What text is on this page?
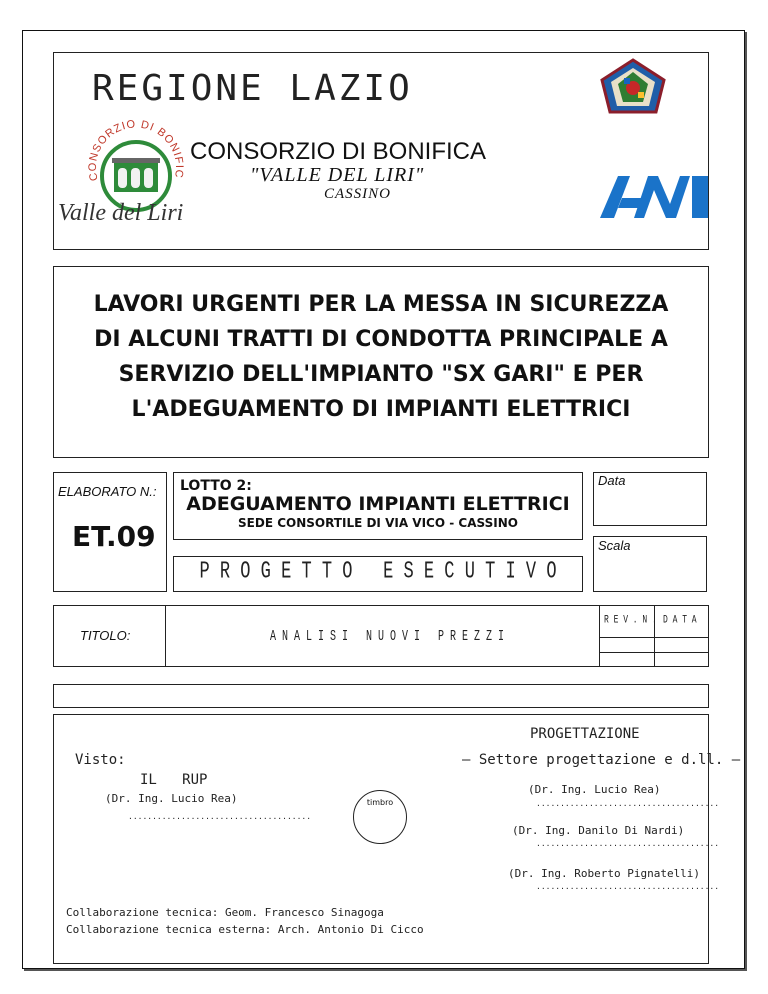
REGIONE LAZIO
CONSORZIO DI BONIFIC
Valle del Liri
CONSORZIO DI BONIFICA
"VALLE DEL LIRI"
CASSINO
LAVORI URGENTI PER LA MESSA IN SICUREZZA
DI ALCUNI TRATTI DI CONDOTTA PRINCIPALE A
SERVIZIO DELL'IMPIANTO "SX GARI" E PER
L'ADEGUAMENTO DI IMPIANTI ELETTRICI
ELABORATO N.:
ET.09
LOTTO 2:
ADEGUAMENTO IMPIANTI ELETTRICI
SEDE CONSORTILE DI VIA VICO - CASSINO
P R O G E T T O   E S E C U T I V O
Data
Scala
TITOLO:	A N A L I S I   N U O V I   P R E Z Z I
R E V . N . D A T A
PROGETTAZIONE
– Settore progettazione e d.ll. –
Visto:
IL   RUP
(Dr. Ing. Lucio Rea)
......................................
timbro
(Dr. Ing. Lucio Rea)
......................................
(Dr. Ing. Danilo Di Nardi)
......................................
(Dr. Ing. Roberto Pignatelli)
......................................
Collaborazione tecnica: Geom. Francesco Sinagoga
Collaborazione tecnica esterna: Arch. Antonio Di Cicco
